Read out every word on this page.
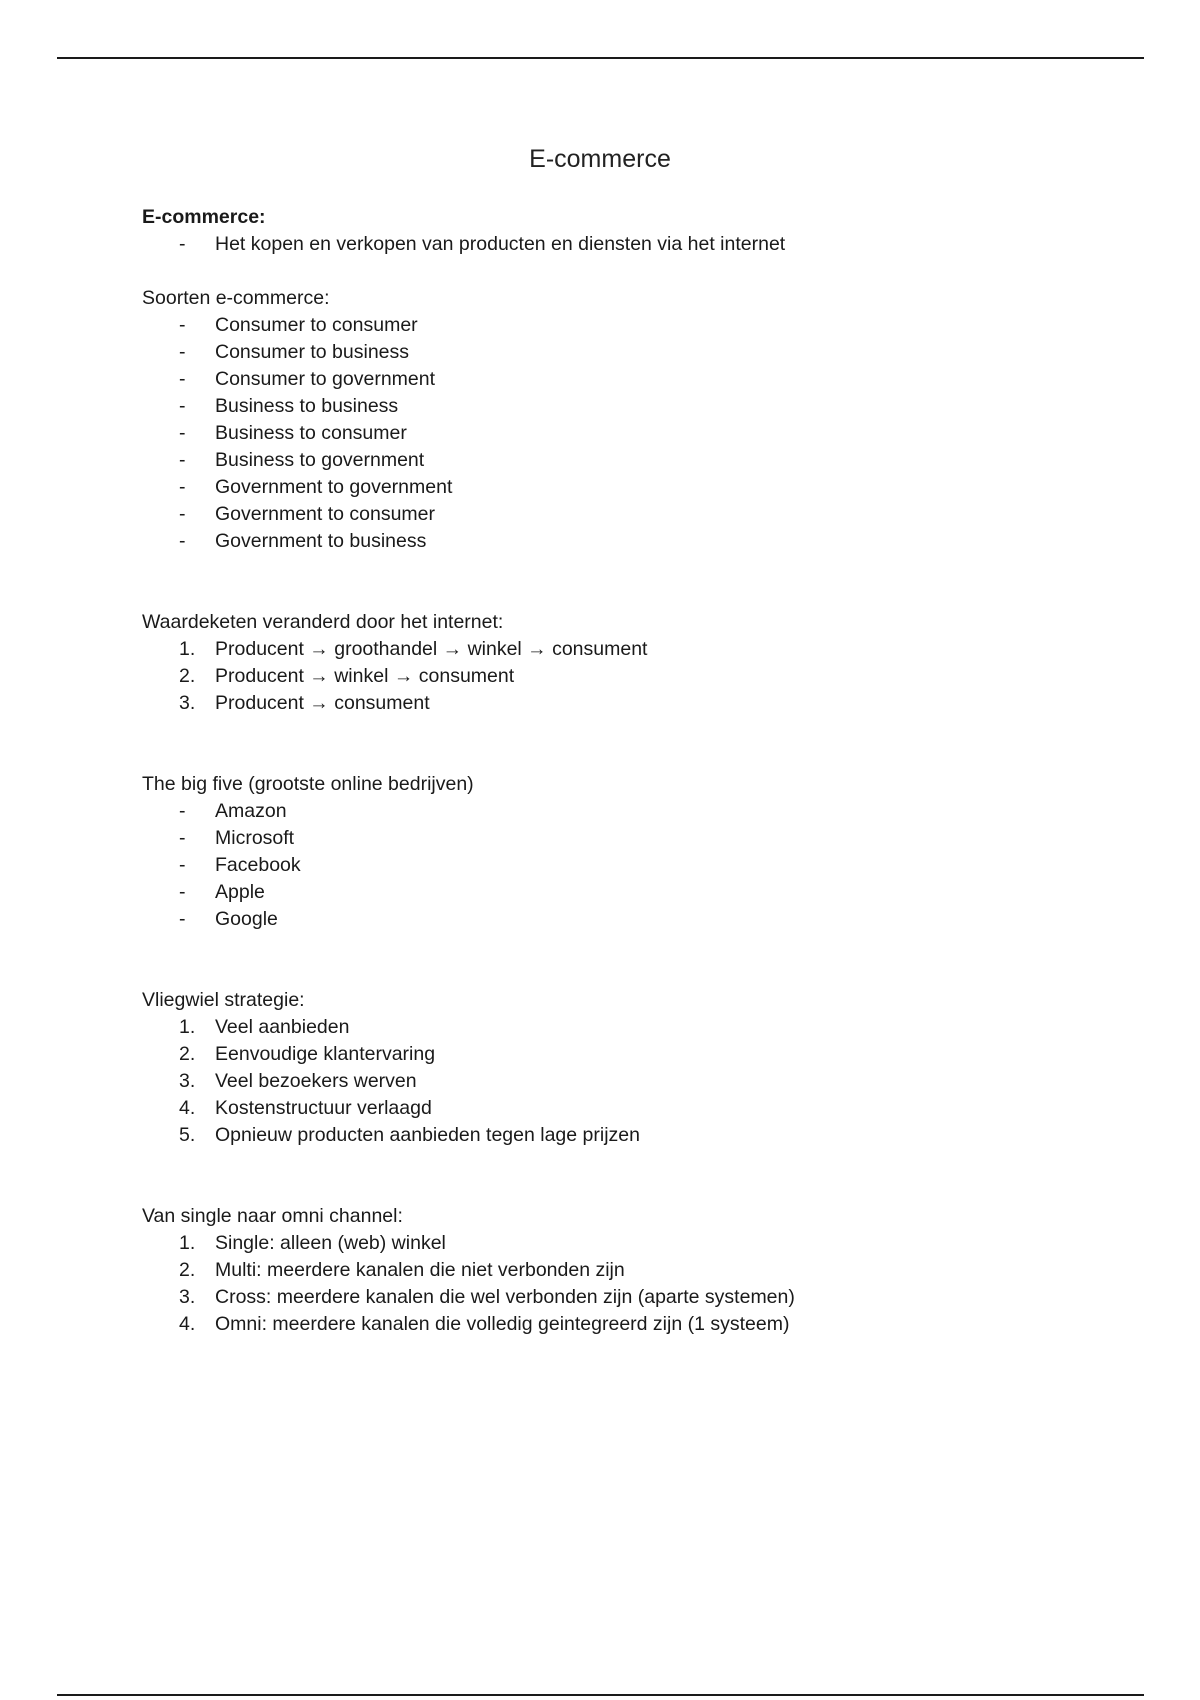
E-commerce
E-commerce:
-	Het kopen en verkopen van producten en diensten via het internet
Soorten e-commerce:
-	Consumer to consumer
-	Consumer to business
-	Consumer to government
-	Business to business
-	Business to consumer
-	Business to government
-	Government to government
-	Government to consumer
-	Government to business
Waardeketen veranderd door het internet:
1.	Producent → groothandel → winkel → consument
2.	Producent → winkel → consument
3.	Producent → consument
The big five (grootste online bedrijven)
-	Amazon
-	Microsoft
-	Facebook
-	Apple
-	Google
Vliegwiel strategie:
1.	Veel aanbieden
2.	Eenvoudige klantervaring
3.	Veel bezoekers werven
4.	Kostenstructuur verlaagd
5.	Opnieuw producten aanbieden tegen lage prijzen
Van single naar omni channel:
1.	Single: alleen (web) winkel
2.	Multi: meerdere kanalen die niet verbonden zijn
3.	Cross: meerdere kanalen die wel verbonden zijn (aparte systemen)
4.	Omni: meerdere kanalen die volledig geintegreerd zijn (1 systeem)
